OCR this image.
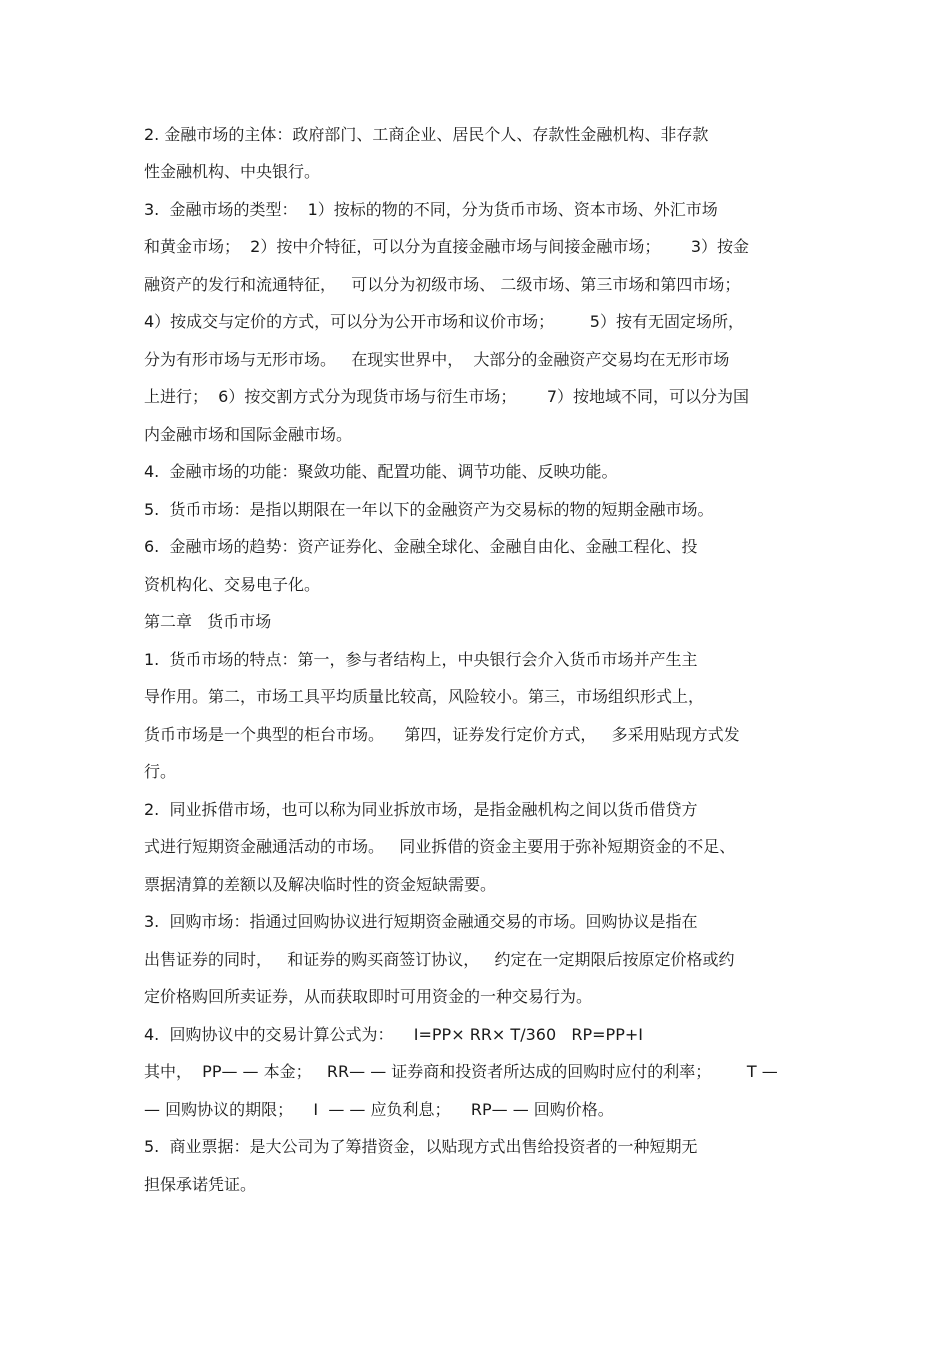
2. 金融市场的主体：政府部门、工商企业、居民个人、存款性金融机构、非存款
性金融机构、中央银行。
3.  金融市场的类型：  1）按标的物的不同，分为货币市场、资本市场、外汇市场
和黄金市场；  2）按中介特征，可以分为直接金融市场与间接金融市场；      3）按金
融资产的发行和流通特征，   可以分为初级市场、 二级市场、第三市场和第四市场；
4）按成交与定价的方式，可以分为公开市场和议价市场；       5）按有无固定场所，
分为有形市场与无形市场。   在现实世界中，  大部分的金融资产交易均在无形市场
上进行；  6）按交割方式分为现货市场与衍生市场；      7）按地域不同，可以分为国
内金融市场和国际金融市场。
4.  金融市场的功能：聚敛功能、配置功能、调节功能、反映功能。
5.  货币市场：是指以期限在一年以下的金融资产为交易标的物的短期金融市场。
6.  金融市场的趋势：资产证券化、金融全球化、金融自由化、金融工程化、投
资机构化、交易电子化。
第二章   货币市场
1.  货币市场的特点：第一，参与者结构上，中央银行会介入货币市场并产生主
导作用。第二，市场工具平均质量比较高，风险较小。第三，市场组织形式上，
货币市场是一个典型的柜台市场。    第四，证券发行定价方式，   多采用贴现方式发
行。
2.  同业拆借市场，也可以称为同业拆放市场，是指金融机构之间以货币借贷方
式进行短期资金融通活动的市场。   同业拆借的资金主要用于弥补短期资金的不足、
票据清算的差额以及解决临时性的资金短缺需要。
3.  回购市场：指通过回购协议进行短期资金融通交易的市场。回购协议是指在
出售证券的同时，   和证券的购买商签订协议，   约定在一定期限后按原定价格或约
定价格购回所卖证券，从而获取即时可用资金的一种交易行为。
4.  回购协议中的交易计算公式为：    I=PP× RR× T/360   RP=PP+I
其中，  PP— — 本金；   RR— — 证券商和投资者所达成的回购时应付的利率；       T —
— 回购协议的期限；    I  — — 应负利息；    RP— — 回购价格。
5.  商业票据：是大公司为了筹措资金，以贴现方式出售给投资者的一种短期无
担保承诺凭证。
